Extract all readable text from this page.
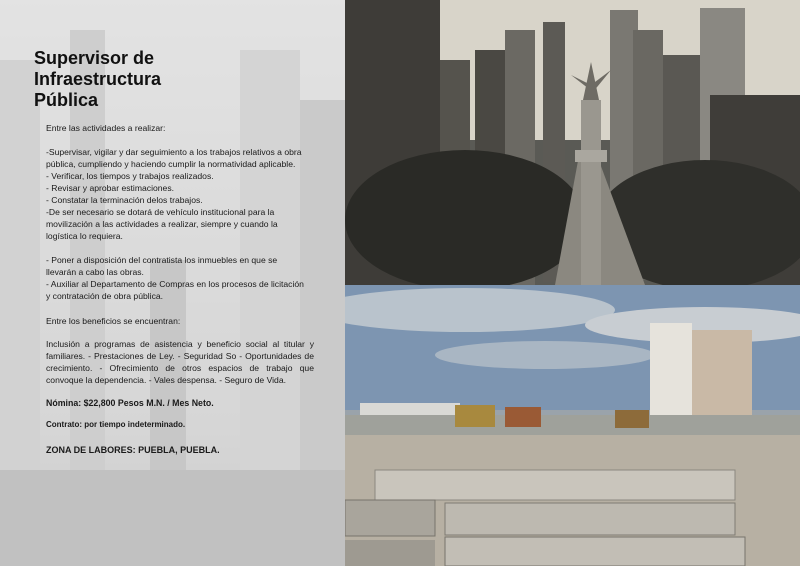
Supervisor de
Infraestructura
Pública

Entre las actividades a realizar:

-Supervisar, vigilar y dar seguimiento a los trabajos relativos a obra pública, cumpliendo y haciendo cumplir la normatividad aplicable.

- Verificar, los tiempos y trabajos realizados.

- Revisar y aprobar estimaciones.

- Constatar la terminación delos trabajos.

-De ser necesario se dotará de vehículo institucional para la movilización a las actividades a realizar, siempre y cuando la logística lo requiera.

- Poner a disposición del contratista los inmuebles en que se llevarán a cabo las obras.

- Auxiliar al Departamento de Compras en los procesos de licitación y contratación de obra pública.

Entre los beneficios se encuentran:

Inclusión a programas de asistencia y beneficio social al titular y familiares. - Prestaciones de Ley. - Seguridad So - Oportunidades de crecimiento. - Ofrecimiento de otros espacios de trabajo que convoque la dependencia. - Vales despensa. - Seguro de Vida.

Nómina: $22,800 Pesos M.N. / Mes Neto.

Contrato: por tiempo indeterminado.

ZONA DE LABORES: PUEBLA, PUEBLA.
